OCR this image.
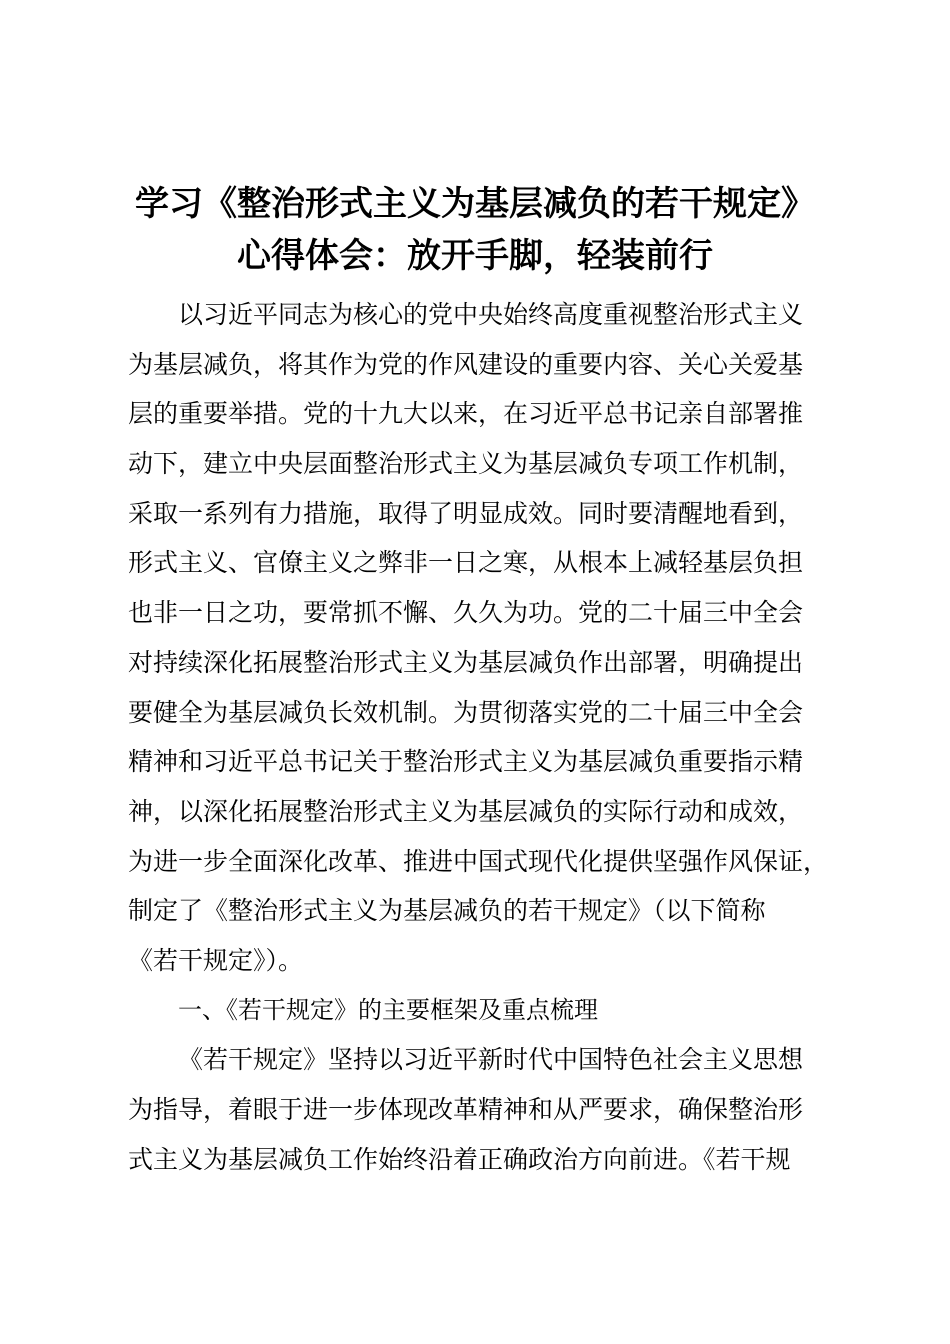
学习《整治形式主义为基层减负的若干规定》
心得体会：放开手脚，轻装前行
以习近平同志为核心的党中央始终高度重视整治形式主义
为基层减负，将其作为党的作风建设的重要内容、关心关爱基
层的重要举措。党的十九大以来，在习近平总书记亲自部署推
动下，建立中央层面整治形式主义为基层减负专项工作机制，
采取一系列有力措施，取得了明显成效。同时要清醒地看到，
形式主义、官僚主义之弊非一日之寒，从根本上减轻基层负担
也非一日之功，要常抓不懈、久久为功。党的二十届三中全会
对持续深化拓展整治形式主义为基层减负作出部署，明确提出
要健全为基层减负长效机制。为贯彻落实党的二十届三中全会
精神和习近平总书记关于整治形式主义为基层减负重要指示精
神，以深化拓展整治形式主义为基层减负的实际行动和成效，
为进一步全面深化改革、推进中国式现代化提供坚强作风保证，
制定了《整治形式主义为基层减负的若干规定》（以下简称
《若干规定》）。
一、《若干规定》的主要框架及重点梳理
《若干规定》坚持以习近平新时代中国特色社会主义思想
为指导，着眼于进一步体现改革精神和从严要求，确保整治形
式主义为基层减负工作始终沿着正确政治方向前进。《若干规
